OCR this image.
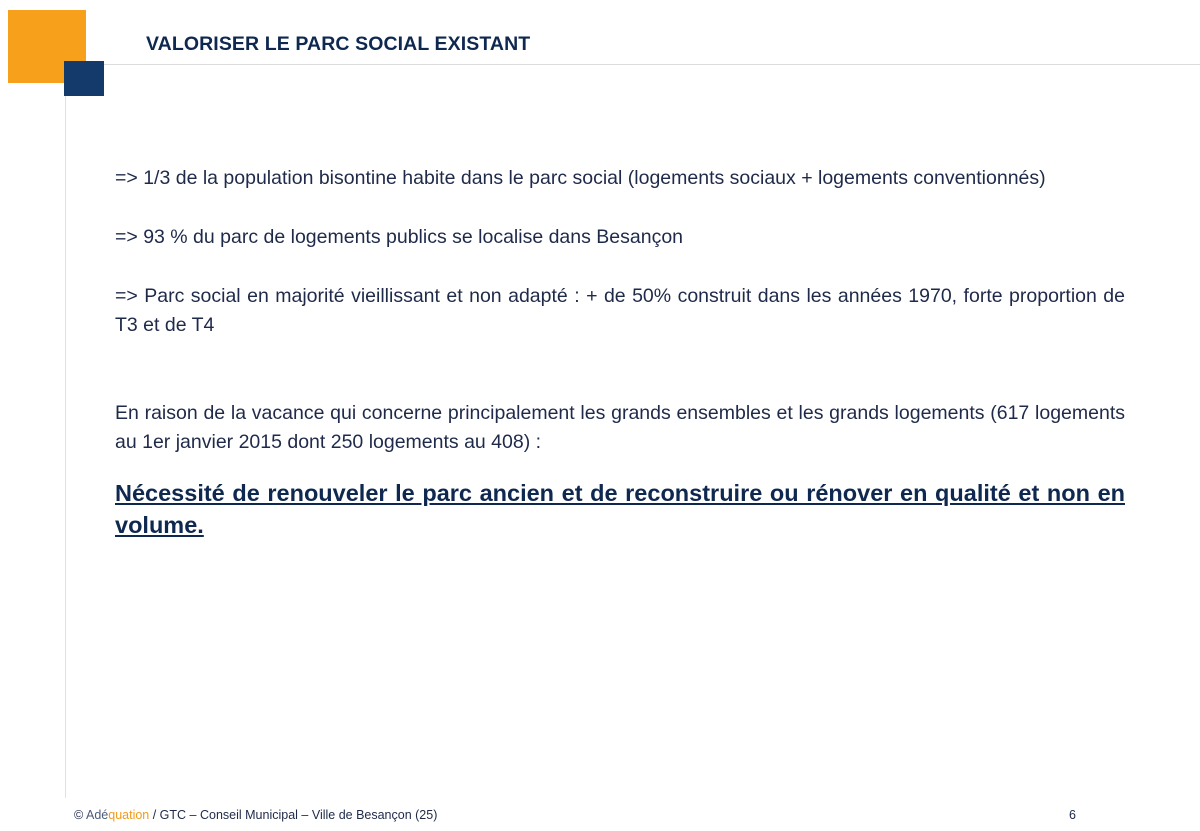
VALORISER LE PARC SOCIAL EXISTANT

=> 1/3 de la population bisontine habite dans le parc social (logements sociaux + logements conventionnés)

=> 93 % du parc de logements publics se localise dans Besançon

=> Parc social en majorité vieillissant et non adapté : + de 50% construit dans les années 1970, forte proportion de T3 et de T4

En raison de la vacance qui concerne principalement les grands ensembles et les grands logements (617 logements au 1er janvier 2015 dont 250 logements au 408) :

Nécessité de renouveler le parc ancien et de reconstruire ou rénover en qualité et non en volume.

© Adéquation / GTC – Conseil Municipal – Ville de Besançon (25)	6
